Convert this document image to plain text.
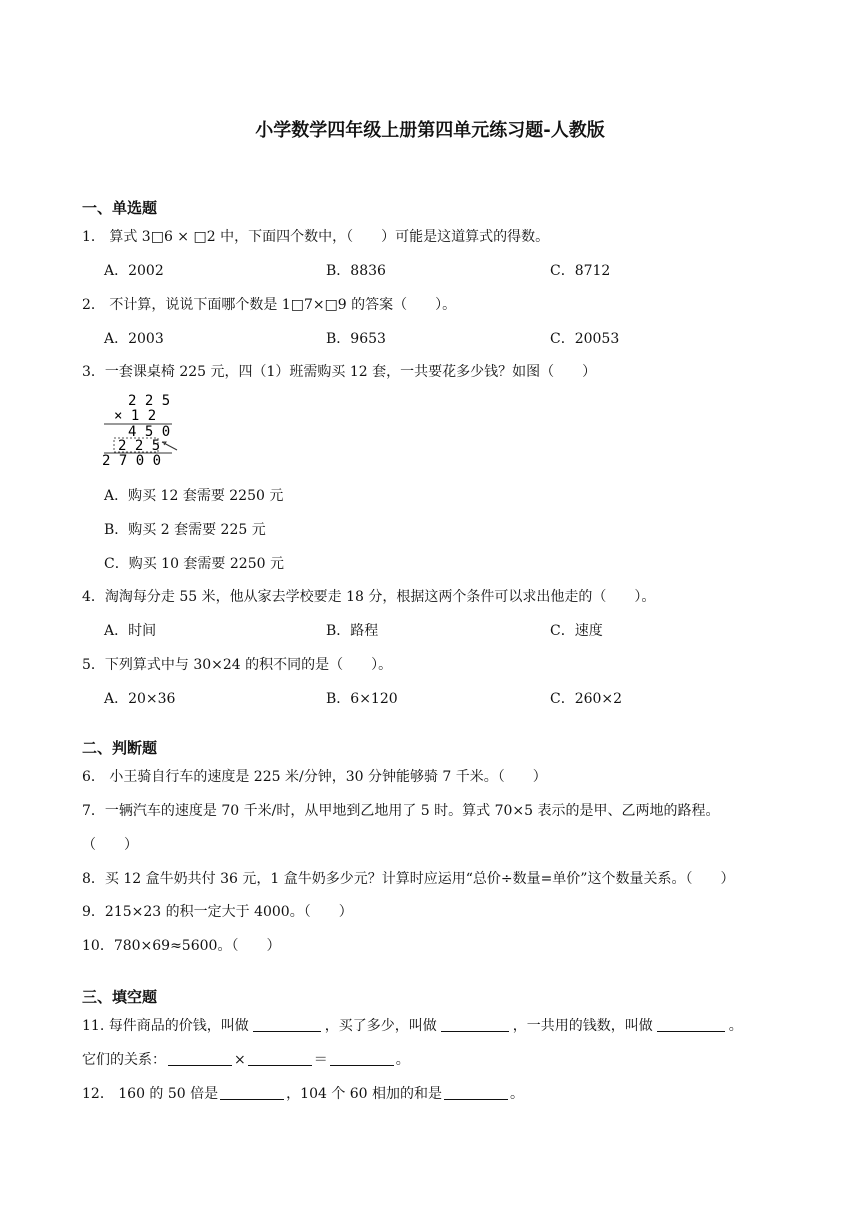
小学数学四年级上册第四单元练习题-人教版
一、单选题
1． 算式 3□6 × □2 中，下面四个数中，（　　）可能是这道算式的得数。
A．2002	B．8836	C．8712
2． 不计算，说说下面哪个数是 1□7×□9 的答案（　　）。
A．2003	B．9653	C．20053
3．一套课桌椅 225 元，四（1）班需购买 12 套，一共要花多少钱？如图（　　）
2 2 5
× 1 2
4 5 0
2 2 5
2 7 0 0
A．购买 12 套需要 2250 元
B．购买 2 套需要 225 元
C．购买 10 套需要 2250 元
4．淘淘每分走 55 米，他从家去学校要走 18 分，根据这两个条件可以求出他走的（　　）。
A．时间	B．路程	C．速度
5．下列算式中与 30×24 的积不同的是（　　）。
A．20×36	B．6×120	C．260×2
二、判断题
6． 小王骑自行车的速度是 225 米/分钟，30 分钟能够骑 7 千米。（　　）
7．一辆汽车的速度是 70 千米/时，从甲地到乙地用了 5 时。算式 70×5 表示的是甲、乙两地的路程。
（　　）
8．买 12 盒牛奶共付 36 元，1 盒牛奶多少元？计算时应运用“总价÷数量=单价”这个数量关系。（　　）
9．215×23 的积一定大于 4000。（　　）
10．780×69≈5600。（　　）
三、填空题
11. 每件商品的价钱，叫做	，买了多少，叫做	，一共用的钱数，叫做	。
它们的关系：	×	＝	。
12． 160 的 50 倍是	，104 个 60 相加的和是	。
